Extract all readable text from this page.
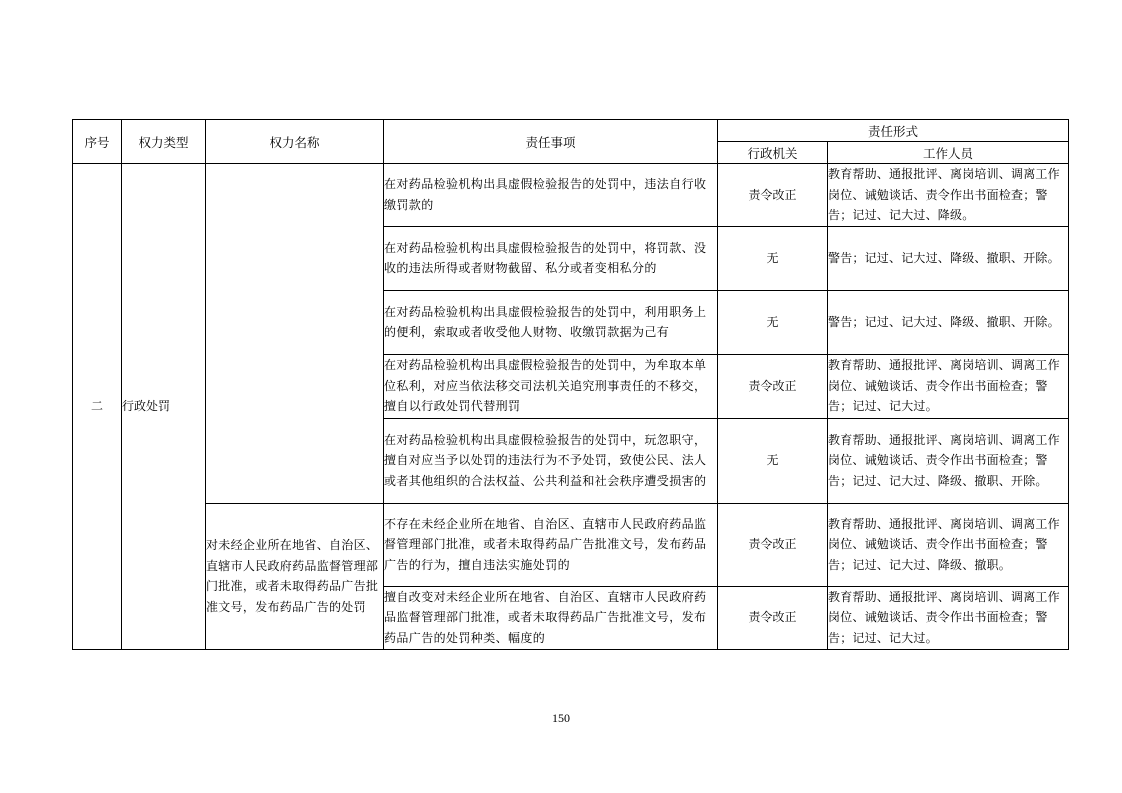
序号	权力类型	权力名称	责任事项	责任形式	
				行政机关	工作人员
二	行政处罚		在对药品检验机构出具虚假检验报告的处罚中，违法自行收缴罚款的	责令改正	教育帮助、通报批评、离岗培训、调离工作岗位、诫勉谈话、责令作出书面检查；警告；记过、记大过、降级。
			在对药品检验机构出具虚假检验报告的处罚中，将罚款、没收的违法所得或者财物截留、私分或者变相私分的	无	警告；记过、记大过、降级、撤职、开除。
			在对药品检验机构出具虚假检验报告的处罚中，利用职务上的便利，索取或者收受他人财物、收缴罚款据为己有	无	警告；记过、记大过、降级、撤职、开除。
			在对药品检验机构出具虚假检验报告的处罚中，为牟取本单位私利，对应当依法移交司法机关追究刑事责任的不移交，擅自以行政处罚代替刑罚	责令改正	教育帮助、通报批评、离岗培训、调离工作岗位、诫勉谈话、责令作出书面检查；警告；记过、记大过。
			在对药品检验机构出具虚假检验报告的处罚中，玩忽职守，擅自对应当予以处罚的违法行为不予处罚，致使公民、法人或者其他组织的合法权益、公共利益和社会秩序遭受损害的	无	教育帮助、通报批评、离岗培训、调离工作岗位、诫勉谈话、责令作出书面检查；警告；记过、记大过、降级、撤职、开除。
		对未经企业所在地省、自治区、直辖市人民政府药品监督管理部门批准，或者未取得药品广告批准文号，发布药品广告的处罚	不存在未经企业所在地省、自治区、直辖市人民政府药品监督管理部门批准，或者未取得药品广告批准文号，发布药品广告的行为，擅自违法实施处罚的	责令改正	教育帮助、通报批评、离岗培训、调离工作岗位、诫勉谈话、责令作出书面检查；警告；记过、记大过、降级、撤职。
			擅自改变对未经企业所在地省、自治区、直辖市人民政府药品监督管理部门批准，或者未取得药品广告批准文号，发布药品广告的处罚种类、幅度的	责令改正	教育帮助、通报批评、离岗培训、调离工作岗位、诫勉谈话、责令作出书面检查；警告；记过、记大过。
150
